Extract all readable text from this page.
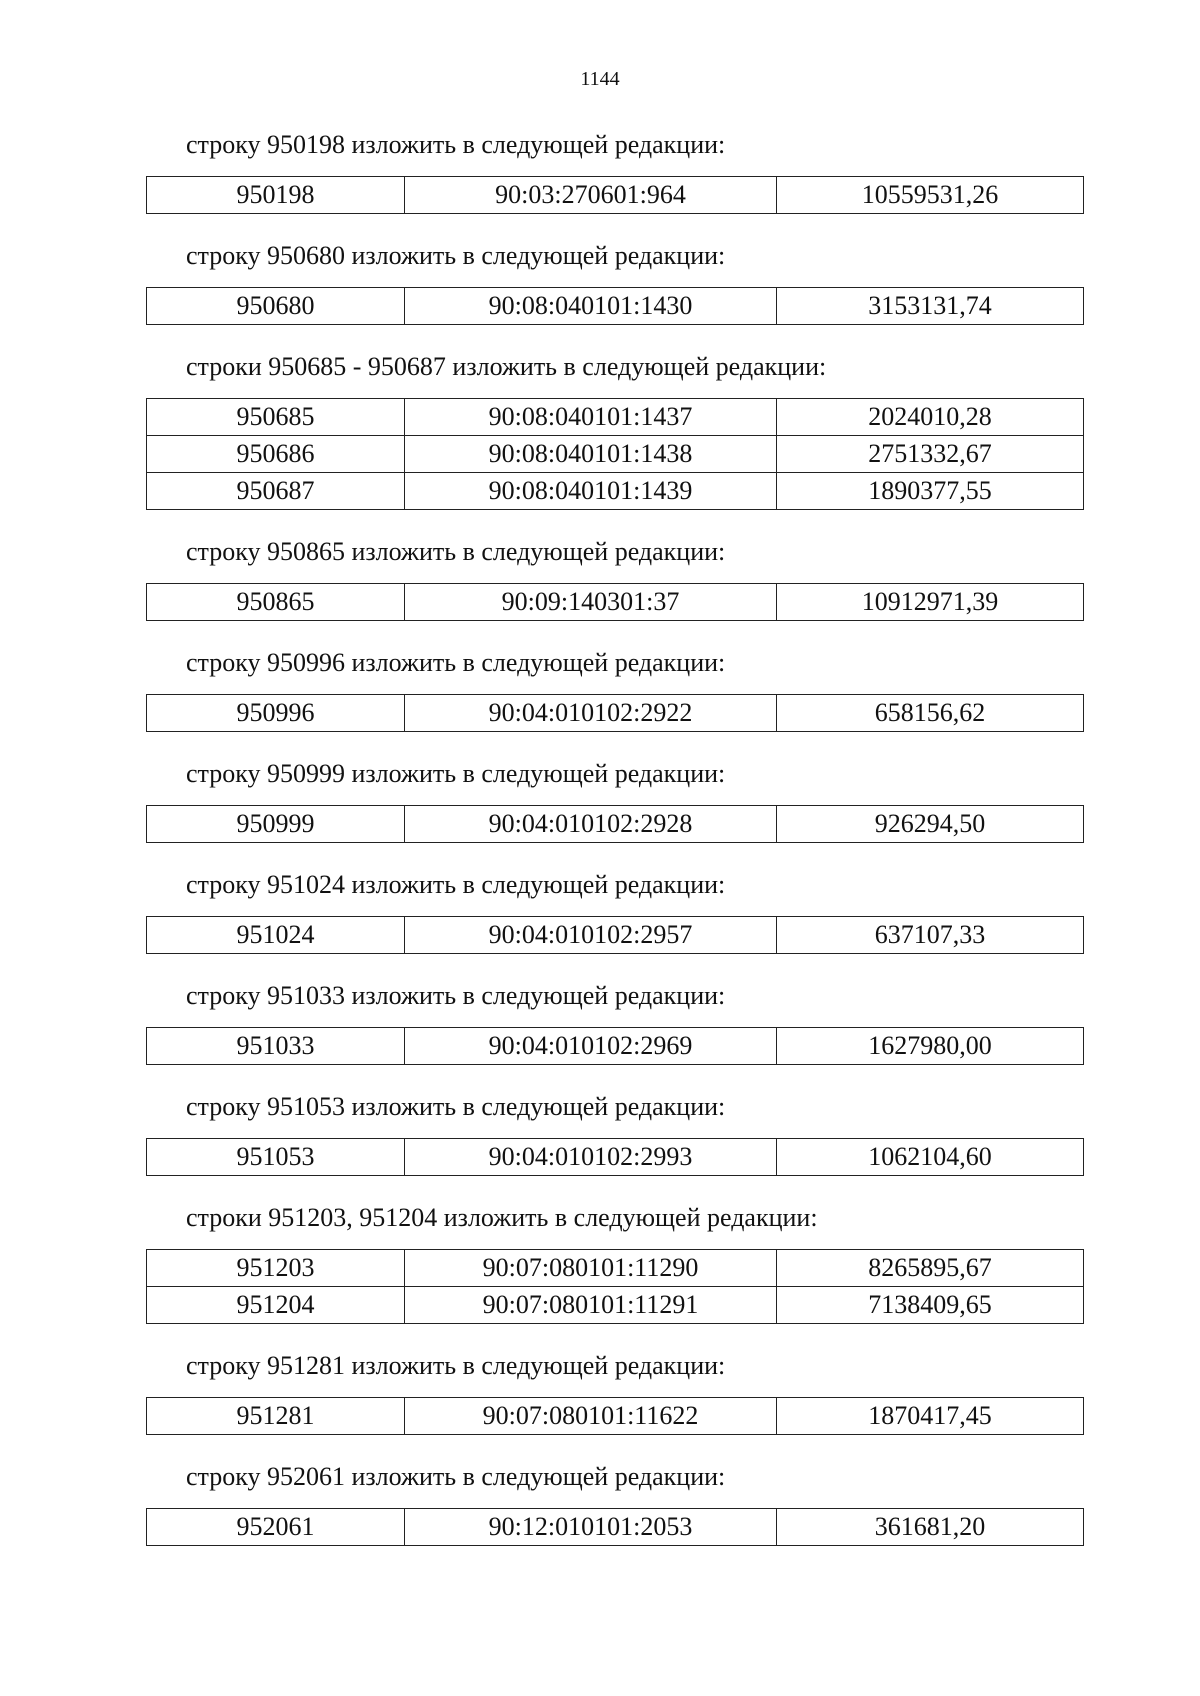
1144

строку 950198 изложить в следующей редакции:

950198	90:03:270601:964	10559531,26

строку 950680 изложить в следующей редакции:

950680	90:08:040101:1430	3153131,74

строки 950685 - 950687 изложить в следующей редакции:

950685	90:08:040101:1437	2024010,28
950686	90:08:040101:1438	2751332,67
950687	90:08:040101:1439	1890377,55

строку 950865 изложить в следующей редакции:

950865	90:09:140301:37	10912971,39

строку 950996 изложить в следующей редакции:

950996	90:04:010102:2922	658156,62

строку 950999 изложить в следующей редакции:

950999	90:04:010102:2928	926294,50

строку 951024 изложить в следующей редакции:

951024	90:04:010102:2957	637107,33

строку 951033 изложить в следующей редакции:

951033	90:04:010102:2969	1627980,00

строку 951053 изложить в следующей редакции:

951053	90:04:010102:2993	1062104,60

строки 951203, 951204 изложить в следующей редакции:

951203	90:07:080101:11290	8265895,67
951204	90:07:080101:11291	7138409,65

строку 951281 изложить в следующей редакции:

951281	90:07:080101:11622	1870417,45

строку 952061 изложить в следующей редакции:

952061	90:12:010101:2053	361681,20
